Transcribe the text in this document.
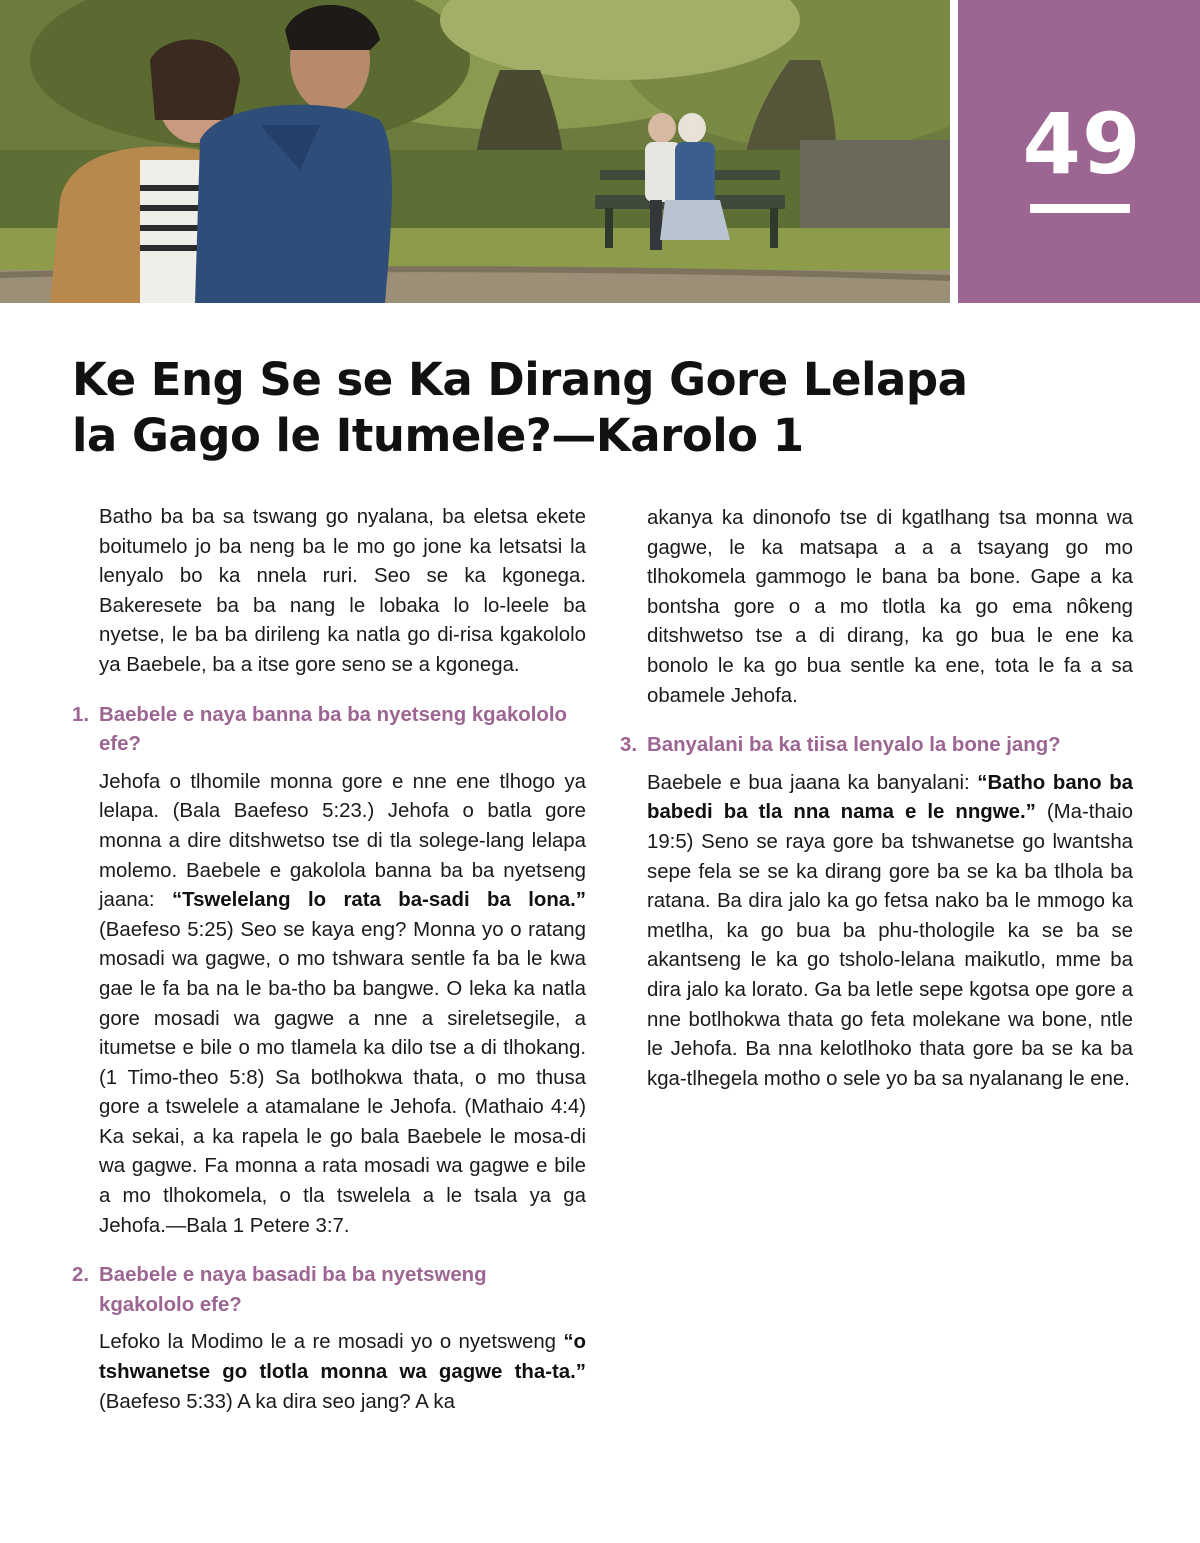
49
Ke Eng Se se Ka Dirang Gore Lelapa
la Gago le Itumele?—Karolo 1

Batho ba ba sa tswang go nyalana, ba eletsa ekete boitumelo jo ba neng ba le mo go jone ka letsatsi la lenyalo bo ka nnela ruri. Seo se ka kgonega. Bakeresete ba ba nang le lobaka lo lo-leele ba nyetse, le ba ba dirileng ka natla go di-risa kgakololo ya Baebele, ba a itse gore seno se a kgonega.

1. Baebele e naya banna ba ba nyetseng kgakololo efe?

Jehofa o tlhomile monna gore e nne ene tlhogo ya lelapa. (Bala Baefeso 5:23.) Jehofa o batla gore monna a dire ditshwetso tse di tla solege-lang lelapa molemo. Baebele e gakolola banna ba ba nyetseng jaana: “Tswelelang lo rata ba-sadi ba lona.” (Baefeso 5:25) Seo se kaya eng? Monna yo o ratang mosadi wa gagwe, o mo tshwara sentle fa ba le kwa gae le fa ba na le ba-tho ba bangwe. O leka ka natla gore mosadi wa gagwe a nne a sireletsegile, a itumetse e bile o mo tlamela ka dilo tse a di tlhokang. (1 Timo-theo 5:8) Sa botlhokwa thata, o mo thusa gore a tswelele a atamalane le Jehofa. (Mathaio 4:4) Ka sekai, a ka rapela le go bala Baebele le mosa-di wa gagwe. Fa monna a rata mosadi wa gagwe e bile a mo tlhokomela, o tla tswelela a le tsala ya ga Jehofa.—Bala 1 Petere 3:7.

2. Baebele e naya basadi ba ba nyetsweng kgakololo efe?

Lefoko la Modimo le a re mosadi yo o nyetsweng “o tshwanetse go tlotla monna wa gagwe tha-ta.” (Baefeso 5:33) A ka dira seo jang? A ka

akanya ka dinonofo tse di kgatlhang tsa monna wa gagwe, le ka matsapa a a a tsayang go mo tlhokomela gammogo le bana ba bone. Gape a ka bontsha gore o a mo tlotla ka go ema nôkeng ditshwetso tse a di dirang, ka go bua le ene ka bonolo le ka go bua sentle ka ene, tota le fa a sa obamele Jehofa.

3. Banyalani ba ka tiisa lenyalo la bone jang?

Baebele e bua jaana ka banyalani: “Batho bano ba babedi ba tla nna nama e le nngwe.” (Ma-thaio 19:5) Seno se raya gore ba tshwanetse go lwantsha sepe fela se se ka dirang gore ba se ka ba tlhola ba ratana. Ba dira jalo ka go fetsa nako ba le mmogo ka metlha, ka go bua ba phu-thologile ka se ba se akantseng le ka go tsholo-lelana maikutlo, mme ba dira jalo ka lorato. Ga ba letle sepe kgotsa ope gore a nne botlhokwa thata go feta molekane wa bone, ntle le Jehofa. Ba nna kelotlhoko thata gore ba se ka ba kga-tlhegela motho o sele yo ba sa nyalanang le ene.
